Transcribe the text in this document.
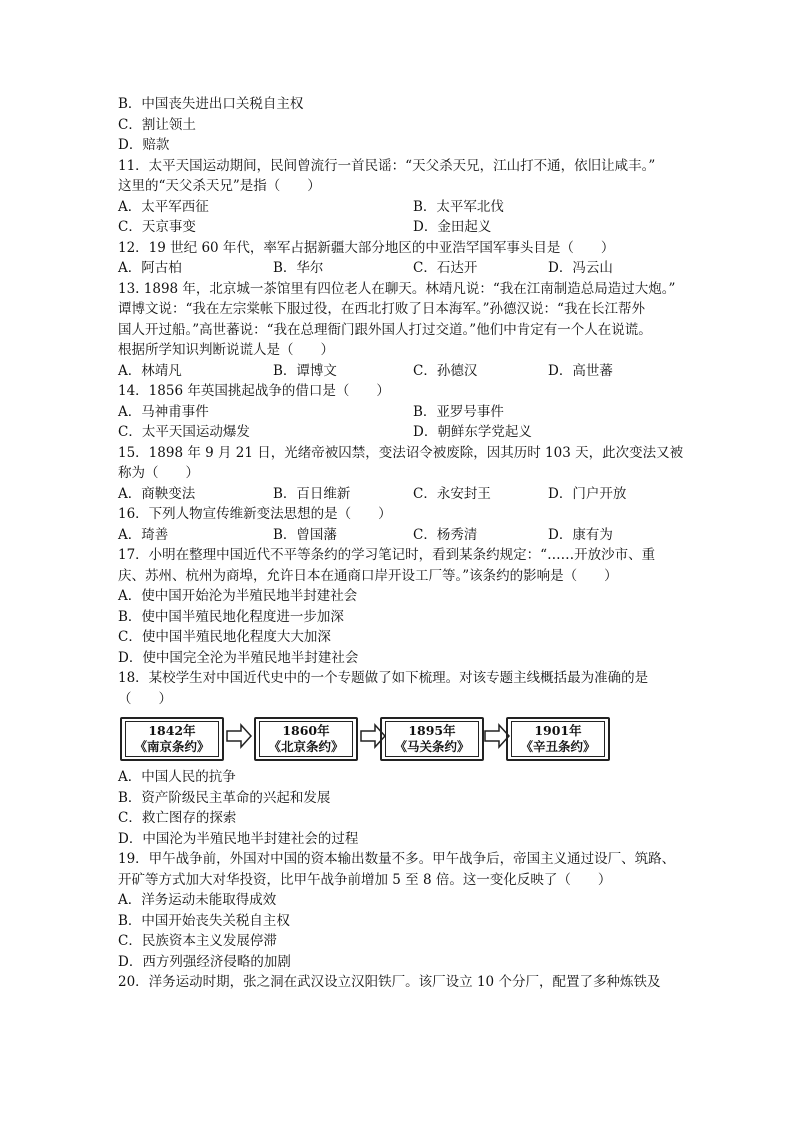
B．中国丧失进出口关税自主权
C．割让领土
D．赔款
11．太平天国运动期间，民间曾流行一首民谣：“天父杀天兄，江山打不通，依旧让咸丰。”
这里的“天父杀天兄”是指（　　）
A．太平军西征	B．太平军北伐
C．天京事变	D．金田起义
12．19 世纪 60 年代，率军占据新疆大部分地区的中亚浩罕国军事头目是（　　）
A．阿古柏	B．华尔	C．石达开	D．冯云山
13. 1898 年，北京城一茶馆里有四位老人在聊天。林靖凡说：“我在江南制造总局造过大炮。”
谭博文说：“我在左宗棠帐下服过役，在西北打败了日本海军。”孙德汉说：“我在长江帮外
国人开过船。”高世蕃说：“我在总理衙门跟外国人打过交道。”他们中肯定有一个人在说谎。
根据所学知识判断说谎人是（　　）
A．林靖凡	B．谭博文	C．孙德汉	D．高世蕃
14．1856 年英国挑起战争的借口是（　　）
A．马神甫事件	B．亚罗号事件
C．太平天国运动爆发	D．朝鲜东学党起义
15．1898 年 9 月 21 日，光绪帝被囚禁，变法诏令被废除，因其历时 103 天，此次变法又被
称为（　　）
A．商鞅变法	B．百日维新	C．永安封王	D．门户开放
16．下列人物宣传维新变法思想的是（　　）
A．琦善	B．曾国藩	C．杨秀清	D．康有为
17．小明在整理中国近代不平等条约的学习笔记时，看到某条约规定：“……开放沙市、重
庆、苏州、杭州为商埠，允许日本在通商口岸开设工厂等。”该条约的影响是（　　）
A．使中国开始沦为半殖民地半封建社会
B．使中国半殖民地化程度进一步加深
C．使中国半殖民地化程度大大加深
D．使中国完全沦为半殖民地半封建社会
18．某校学生对中国近代史中的一个专题做了如下梳理。对该专题主线概括最为准确的是
（　　）
1842年
《南京条约》
1860年
《北京条约》
1895年
《马关条约》
1901年
《辛丑条约》
A．中国人民的抗争
B．资产阶级民主革命的兴起和发展
C．救亡图存的探索
D．中国沦为半殖民地半封建社会的过程
19．甲午战争前，外国对中国的资本输出数量不多。甲午战争后，帝国主义通过设厂、筑路、
开矿等方式加大对华投资，比甲午战争前增加 5 至 8 倍。这一变化反映了（　　）
A．洋务运动未能取得成效
B．中国开始丧失关税自主权
C．民族资本主义发展停滞
D．西方列强经济侵略的加剧
20．洋务运动时期，张之洞在武汉设立汉阳铁厂。该厂设立 10 个分厂，配置了多种炼铁及
